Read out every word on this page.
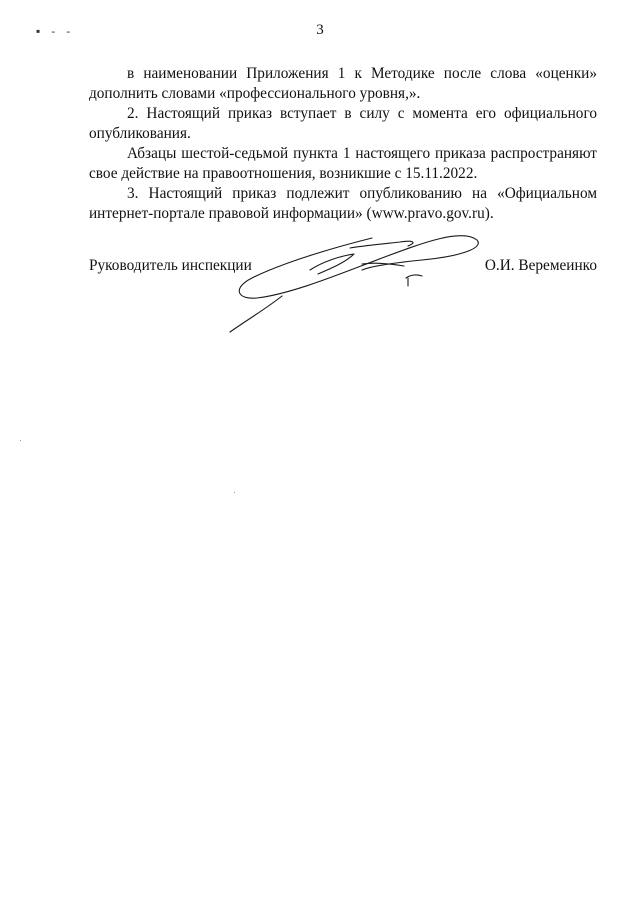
▪ ‑ ‑	3

в наименовании Приложения 1 к Методике после слова «оценки» дополнить словами «профессионального уровня,».

2. Настоящий приказ вступает в силу с момента его официального опубликования.

Абзацы шестой-седьмой пункта 1 настоящего приказа распространяют свое действие на правоотношения, возникшие с 15.11.2022.

3. Настоящий приказ подлежит опубликованию на «Официальном интернет-портале правовой информации» (www.pravo.gov.ru).

Руководитель инспекции	О.И. Веремеинко
